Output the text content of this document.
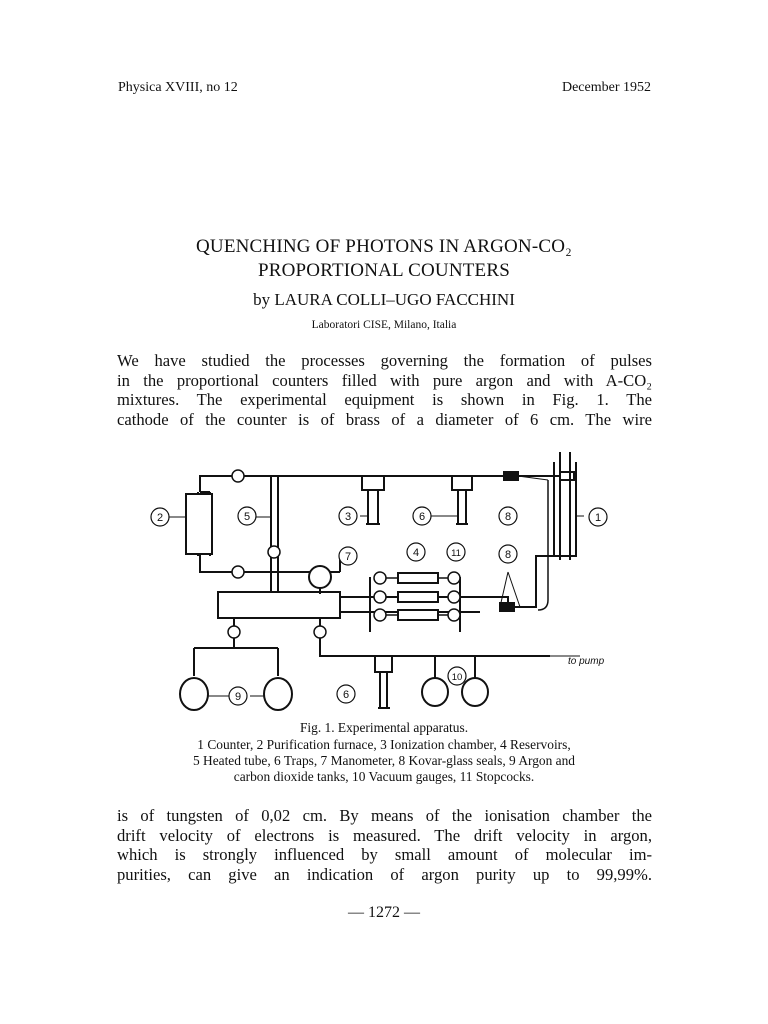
Physica XVIII, no 12	December 1952
QUENCHING OF PHOTONS IN ARGON-CO₂
PROPORTIONAL COUNTERS
by LAURA COLLI–UGO FACCHINI
Laboratori CISE, Milano, Italia
We have studied the processes governing the formation of pulses
in the proportional counters filled with pure argon and with A-CO₂
mixtures. The experimental equipment is shown in Fig. 1. The
cathode of the counter is of brass of a diameter of 6 cm. The wire
1
2	3
4
5	6
6
7
8
8
9
10
11
to pump
Fig. 1. Experimental apparatus.
1 Counter, 2 Purification furnace, 3 Ionization chamber, 4 Reservoirs,
5 Heated tube, 6 Traps, 7 Manometer, 8 Kovar-glass seals, 9 Argon and
carbon dioxide tanks, 10 Vacuum gauges, 11 Stopcocks.
is of tungsten of 0,02 cm. By means of the ionisation chamber the
drift velocity of electrons is measured. The drift velocity in argon,
which is strongly influenced by small amount of molecular im-
purities, can give an indication of argon purity up to 99,99%.
— 1272 —
